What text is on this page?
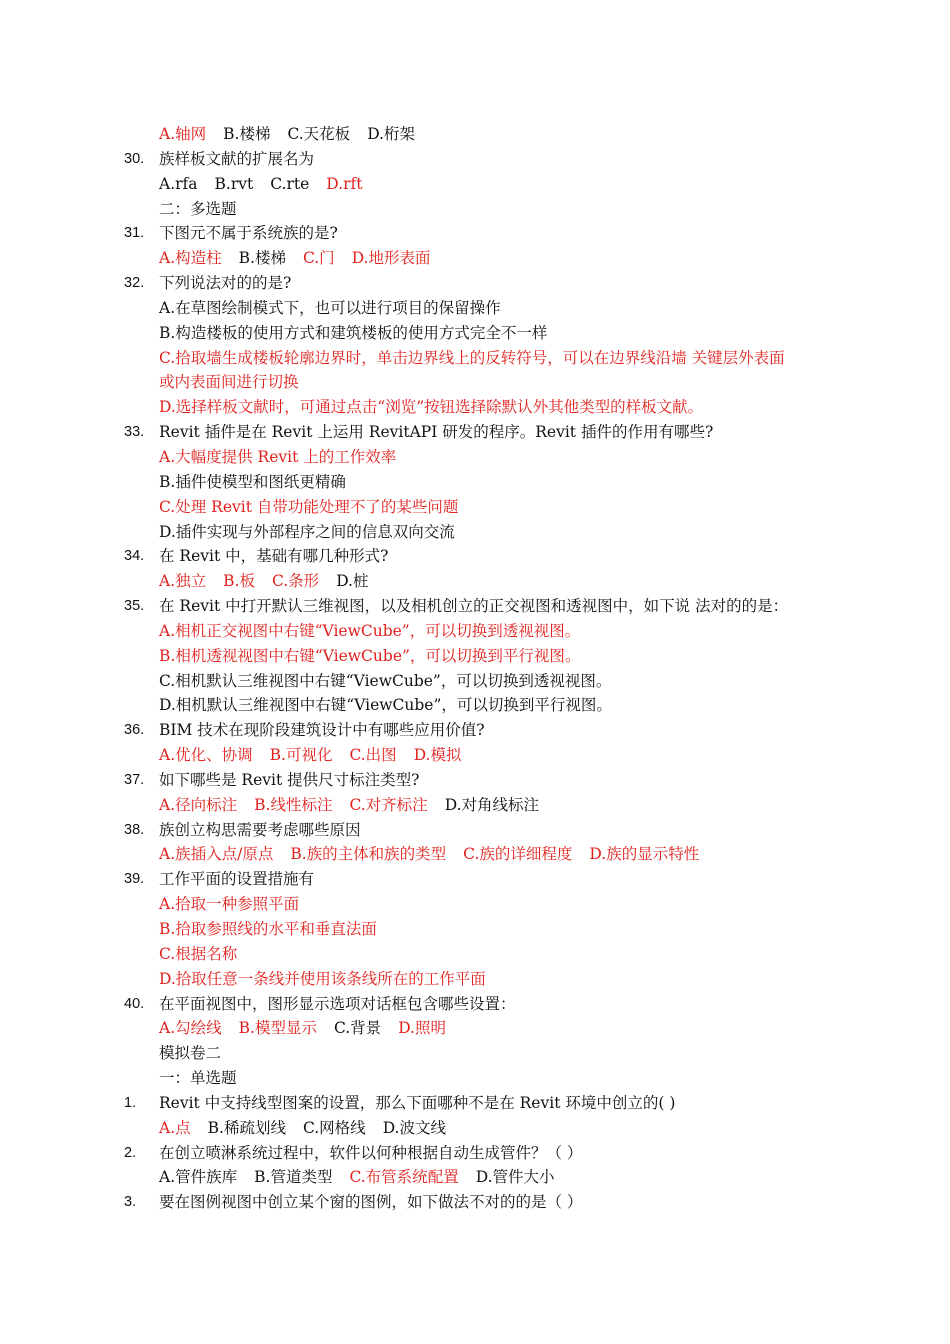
A.轴网 B.楼梯 C.天花板 D.桁架
30. 族样板文献的扩展名为
A.rfa B.rvt C.rte D.rft
二：多选题
31. 下图元不属于系统族的是?
A.构造柱 B.楼梯 C.门 D.地形表面
32. 下列说法对的的是?
A.在草图绘制模式下，也可以进行项目的保留操作
B.构造楼板的使用方式和建筑楼板的使用方式完全不一样
C.拾取墙生成楼板轮廓边界时，单击边界线上的反转符号，可以在边界线沿墙 关键层外表面
或内表面间进行切换
D.选择样板文献时，可通过点击“浏览”按钮选择除默认外其他类型的样板文献。
33. Revit 插件是在 Revit 上运用 RevitAPI 研发的程序。Revit 插件的作用有哪些?
A.大幅度提供 Revit 上的工作效率
B.插件使模型和图纸更精确
C.处理 Revit 自带功能处理不了的某些问题
D.插件实现与外部程序之间的信息双向交流
34. 在 Revit 中，基础有哪几种形式?
A.独立 B.板 C.条形 D.桩
35. 在 Revit 中打开默认三维视图，以及相机创立的正交视图和透视图中，如下说 法对的的是：
A.相机正交视图中右键“ViewCube”，可以切换到透视视图。
B.相机透视视图中右键“ViewCube”，可以切换到平行视图。
C.相机默认三维视图中右键“ViewCube”，可以切换到透视视图。
D.相机默认三维视图中右键“ViewCube”，可以切换到平行视图。
36. BIM 技术在现阶段建筑设计中有哪些应用价值?
A.优化、协调 B.可视化 C.出图 D.模拟
37. 如下哪些是 Revit 提供尺寸标注类型?
A.径向标注 B.线性标注 C.对齐标注 D.对角线标注
38. 族创立构思需要考虑哪些原因
A.族插入点/原点 B.族的主体和族的类型 C.族的详细程度 D.族的显示特性
39. 工作平面的设置措施有
A.拾取一种参照平面
B.拾取参照线的水平和垂直法面
C.根据名称
D.拾取任意一条线并使用该条线所在的工作平面
40. 在平面视图中，图形显示选项对话框包含哪些设置：
A.勾绘线 B.模型显示 C.背景 D.照明
模拟卷二
一：单选题
1. Revit 中支持线型图案的设置，那么下面哪种不是在 Revit 环境中创立的( )
A.点 B.稀疏划线 C.网格线 D.波文线
2. 在创立喷淋系统过程中，软件以何种根据自动生成管件？（ ）
A.管件族库 B.管道类型 C.布管系统配置 D.管件大小
3. 要在图例视图中创立某个窗的图例，如下做法不对的的是（ ）
